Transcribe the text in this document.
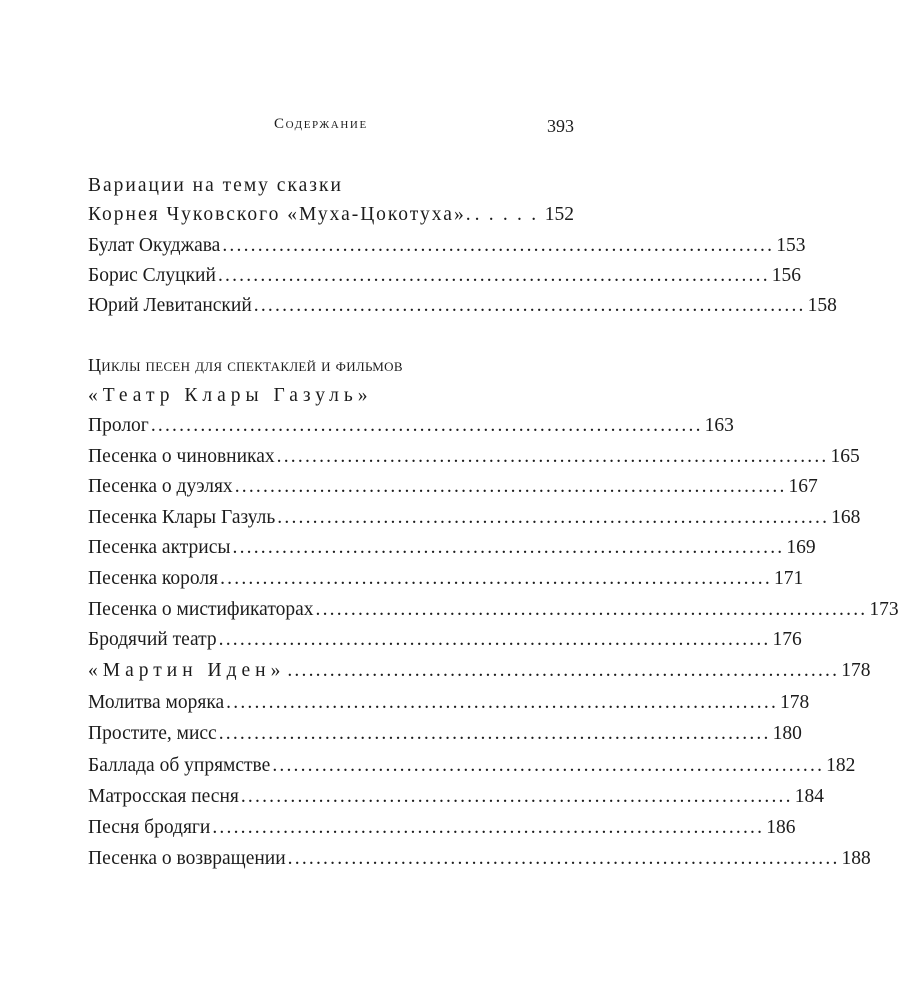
Содержание	393
Вариации на тему сказки
Корнея Чуковского «Муха-Цокотуха». . . . . . 152
Булат Окуджава .............................................................................. 153
Борис Слуцкий .............................................................................. 156
Юрий Левитанский .............................................................................. 158
Циклы песен для спектаклей и фильмов
«Театр Клары Газуль»
Пролог .............................................................................. 163
Песенка о чиновниках .............................................................................. 165
Песенка о дуэлях .............................................................................. 167
Песенка Клары Газуль .............................................................................. 168
Песенка актрисы .............................................................................. 169
Песенка короля .............................................................................. 171
Песенка о мистификаторах .............................................................................. 173
Бродячий театр .............................................................................. 176
«Мартин Иден» .............................................................................. 178
Молитва моряка .............................................................................. 178
Простите, мисс .............................................................................. 180
Баллада об упрямстве .............................................................................. 182
Матросская песня .............................................................................. 184
Песня бродяги .............................................................................. 186
Песенка о возвращении .............................................................................. 188
